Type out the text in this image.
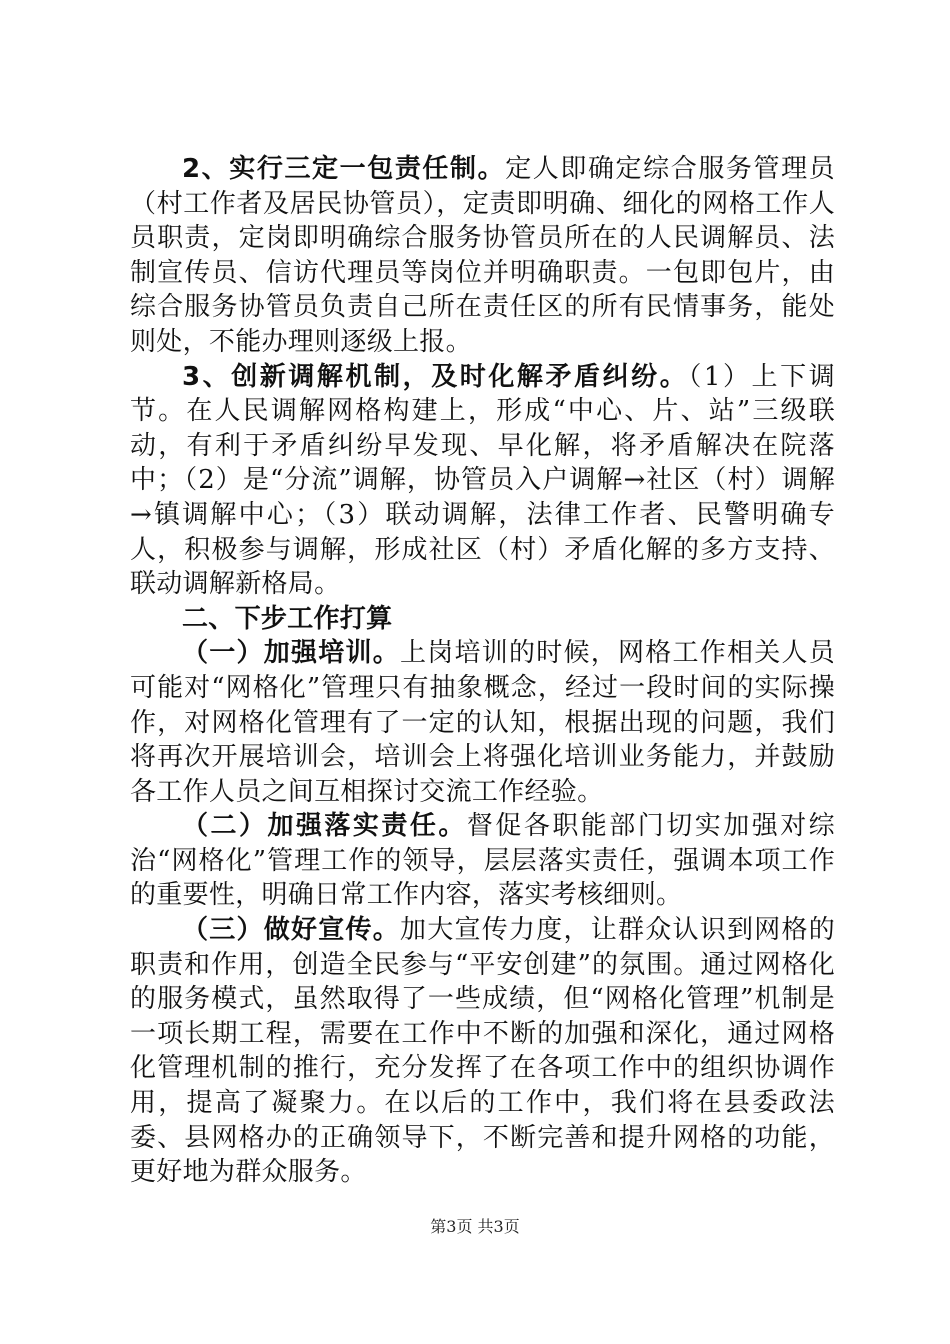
2、实行三定一包责任制。定人即确定综合服务管理员（村工作者及居民协管员），定责即明确、细化的网格工作人员职责，定岗即明确综合服务协管员所在的人民调解员、法制宣传员、信访代理员等岗位并明确职责。一包即包片，由综合服务协管员负责自己所在责任区的所有民情事务，能处则处，不能办理则逐级上报。

3、创新调解机制，及时化解矛盾纠纷。（1）上下调节。在人民调解网格构建上，形成“中心、片、站”三级联动，有利于矛盾纠纷早发现、早化解，将矛盾解决在院落中；（2）是“分流”调解，协管员入户调解→社区（村）调解→镇调解中心；（3）联动调解，法律工作者、民警明确专人，积极参与调解，形成社区（村）矛盾化解的多方支持、联动调解新格局。

二、下步工作打算

（一）加强培训。上岗培训的时候，网格工作相关人员可能对“网格化”管理只有抽象概念，经过一段时间的实际操作，对网格化管理有了一定的认知，根据出现的问题，我们将再次开展培训会，培训会上将强化培训业务能力，并鼓励各工作人员之间互相探讨交流工作经验。

（二）加强落实责任。督促各职能部门切实加强对综治“网格化”管理工作的领导，层层落实责任，强调本项工作的重要性，明确日常工作内容，落实考核细则。

（三）做好宣传。加大宣传力度，让群众认识到网格的职责和作用，创造全民参与“平安创建”的氛围。通过网格化的服务模式，虽然取得了一些成绩，但“网格化管理”机制是一项长期工程，需要在工作中不断的加强和深化，通过网格化管理机制的推行，充分发挥了在各项工作中的组织协调作用，提高了凝聚力。在以后的工作中，我们将在县委政法委、县网格办的正确领导下，不断完善和提升网格的功能，更好地为群众服务。

第3页 共3页
